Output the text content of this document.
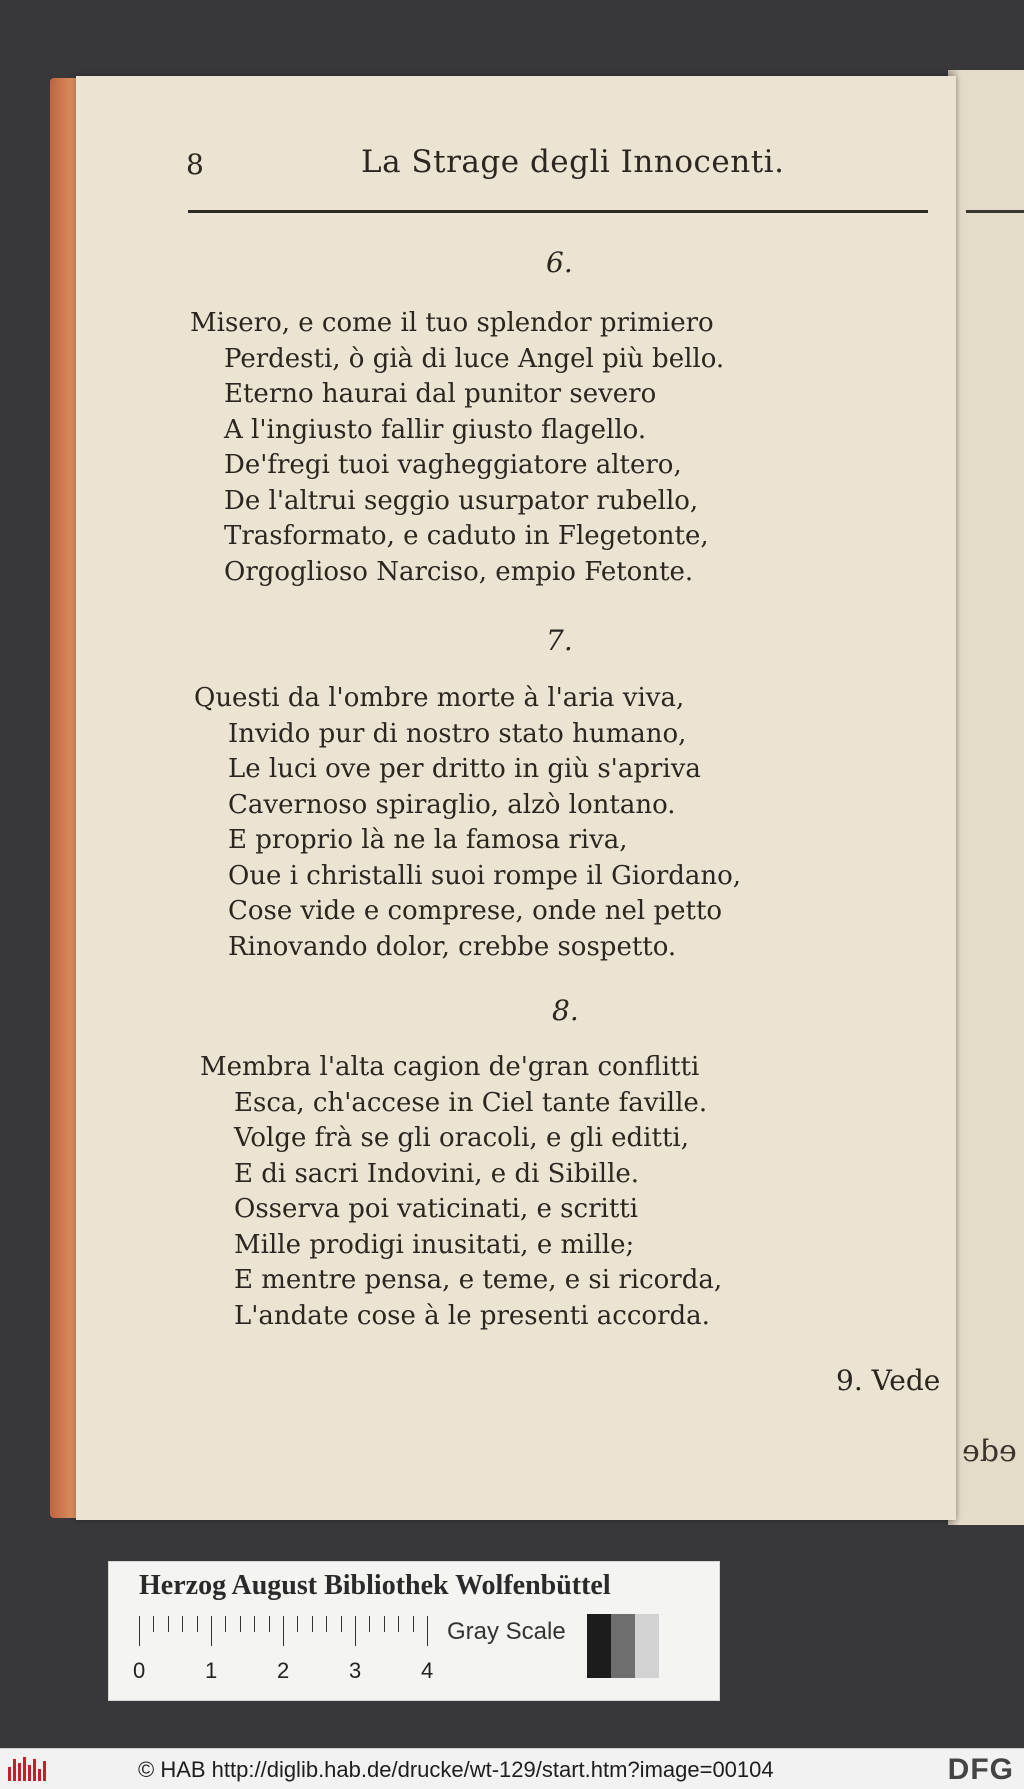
ede
8	La Strage degli Innocenti.
6.
Misero, e come il tuo splendor primiero
Perdesti, ò già di luce Angel più bello.
Eterno haurai dal punitor severo
A l'ingiusto fallir giusto flagello.
De'fregi tuoi vagheggiatore altero,
De l'altrui seggio usurpator rubello,
Trasformato, e caduto in Flegetonte,
Orgoglioso Narciso, empio Fetonte.
7.
Questi da l'ombre morte à l'aria viva,
Invido pur di nostro stato humano,
Le luci ove per dritto in giù s'apriva
Cavernoso spiraglio, alzò lontano.
E proprio là ne la famosa riva,
Oue i christalli suoi rompe il Giordano,
Cose vide e comprese, onde nel petto
Rinovando dolor, crebbe sospetto.
8.
Membra l'alta cagion de'gran conflitti
Esca, ch'accese in Ciel tante faville.
Volge frà se gli oracoli, e gli editti,
E di sacri Indovini, e di Sibille.
Osserva poi vaticinati, e scritti
Mille prodigi inusitati, e mille;
E mentre pensa, e teme, e si ricorda,
L'andate cose à le presenti accorda.
9. Vede
Herzog August Bibliothek Wolfenbüttel
0	1	2	3	4
Gray Scale
© HAB http://diglib.hab.de/drucke/wt-129/start.htm?image=00104	DFG
